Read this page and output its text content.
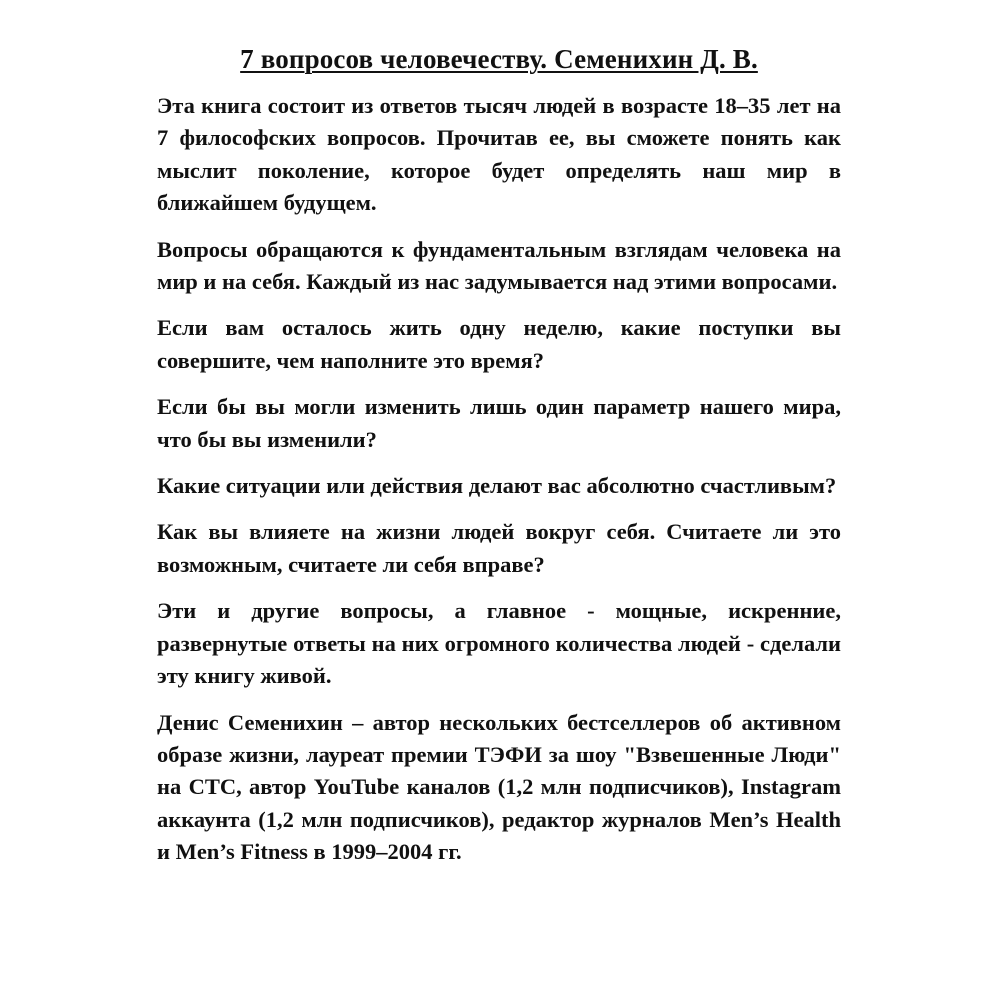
7 вопросов человечеству. Семенихин Д. В.

Эта книга состоит из ответов тысяч людей в возрасте 18–35 лет на 7 философских вопросов. Прочитав ее, вы сможете понять как мыслит поколение, которое будет определять наш мир в ближайшем будущем.

Вопросы обращаются к фундаментальным взглядам человека на мир и на себя. Каждый из нас задумывается над этими вопросами.

Если вам осталось жить одну неделю, какие поступки вы совершите, чем наполните это время?

Если бы вы могли изменить лишь один параметр нашего мира, что бы вы изменили?

Какие ситуации или действия делают вас абсолютно счастливым?

Как вы влияете на жизни людей вокруг себя. Считаете ли это возможным, считаете ли себя вправе?

Эти и другие вопросы, а главное - мощные, искренние, развернутые ответы на них огромного количества людей - сделали эту книгу живой.

Денис Семенихин – автор нескольких бестселлеров об активном образе жизни, лауреат премии ТЭФИ за шоу "Взвешенные Люди" на СТС, автор YouTube каналов (1,2 млн подписчиков), Instagram аккаунта (1,2 млн подписчиков), редактор журналов Men’s Health и Men’s Fitness в 1999–2004 гг.
